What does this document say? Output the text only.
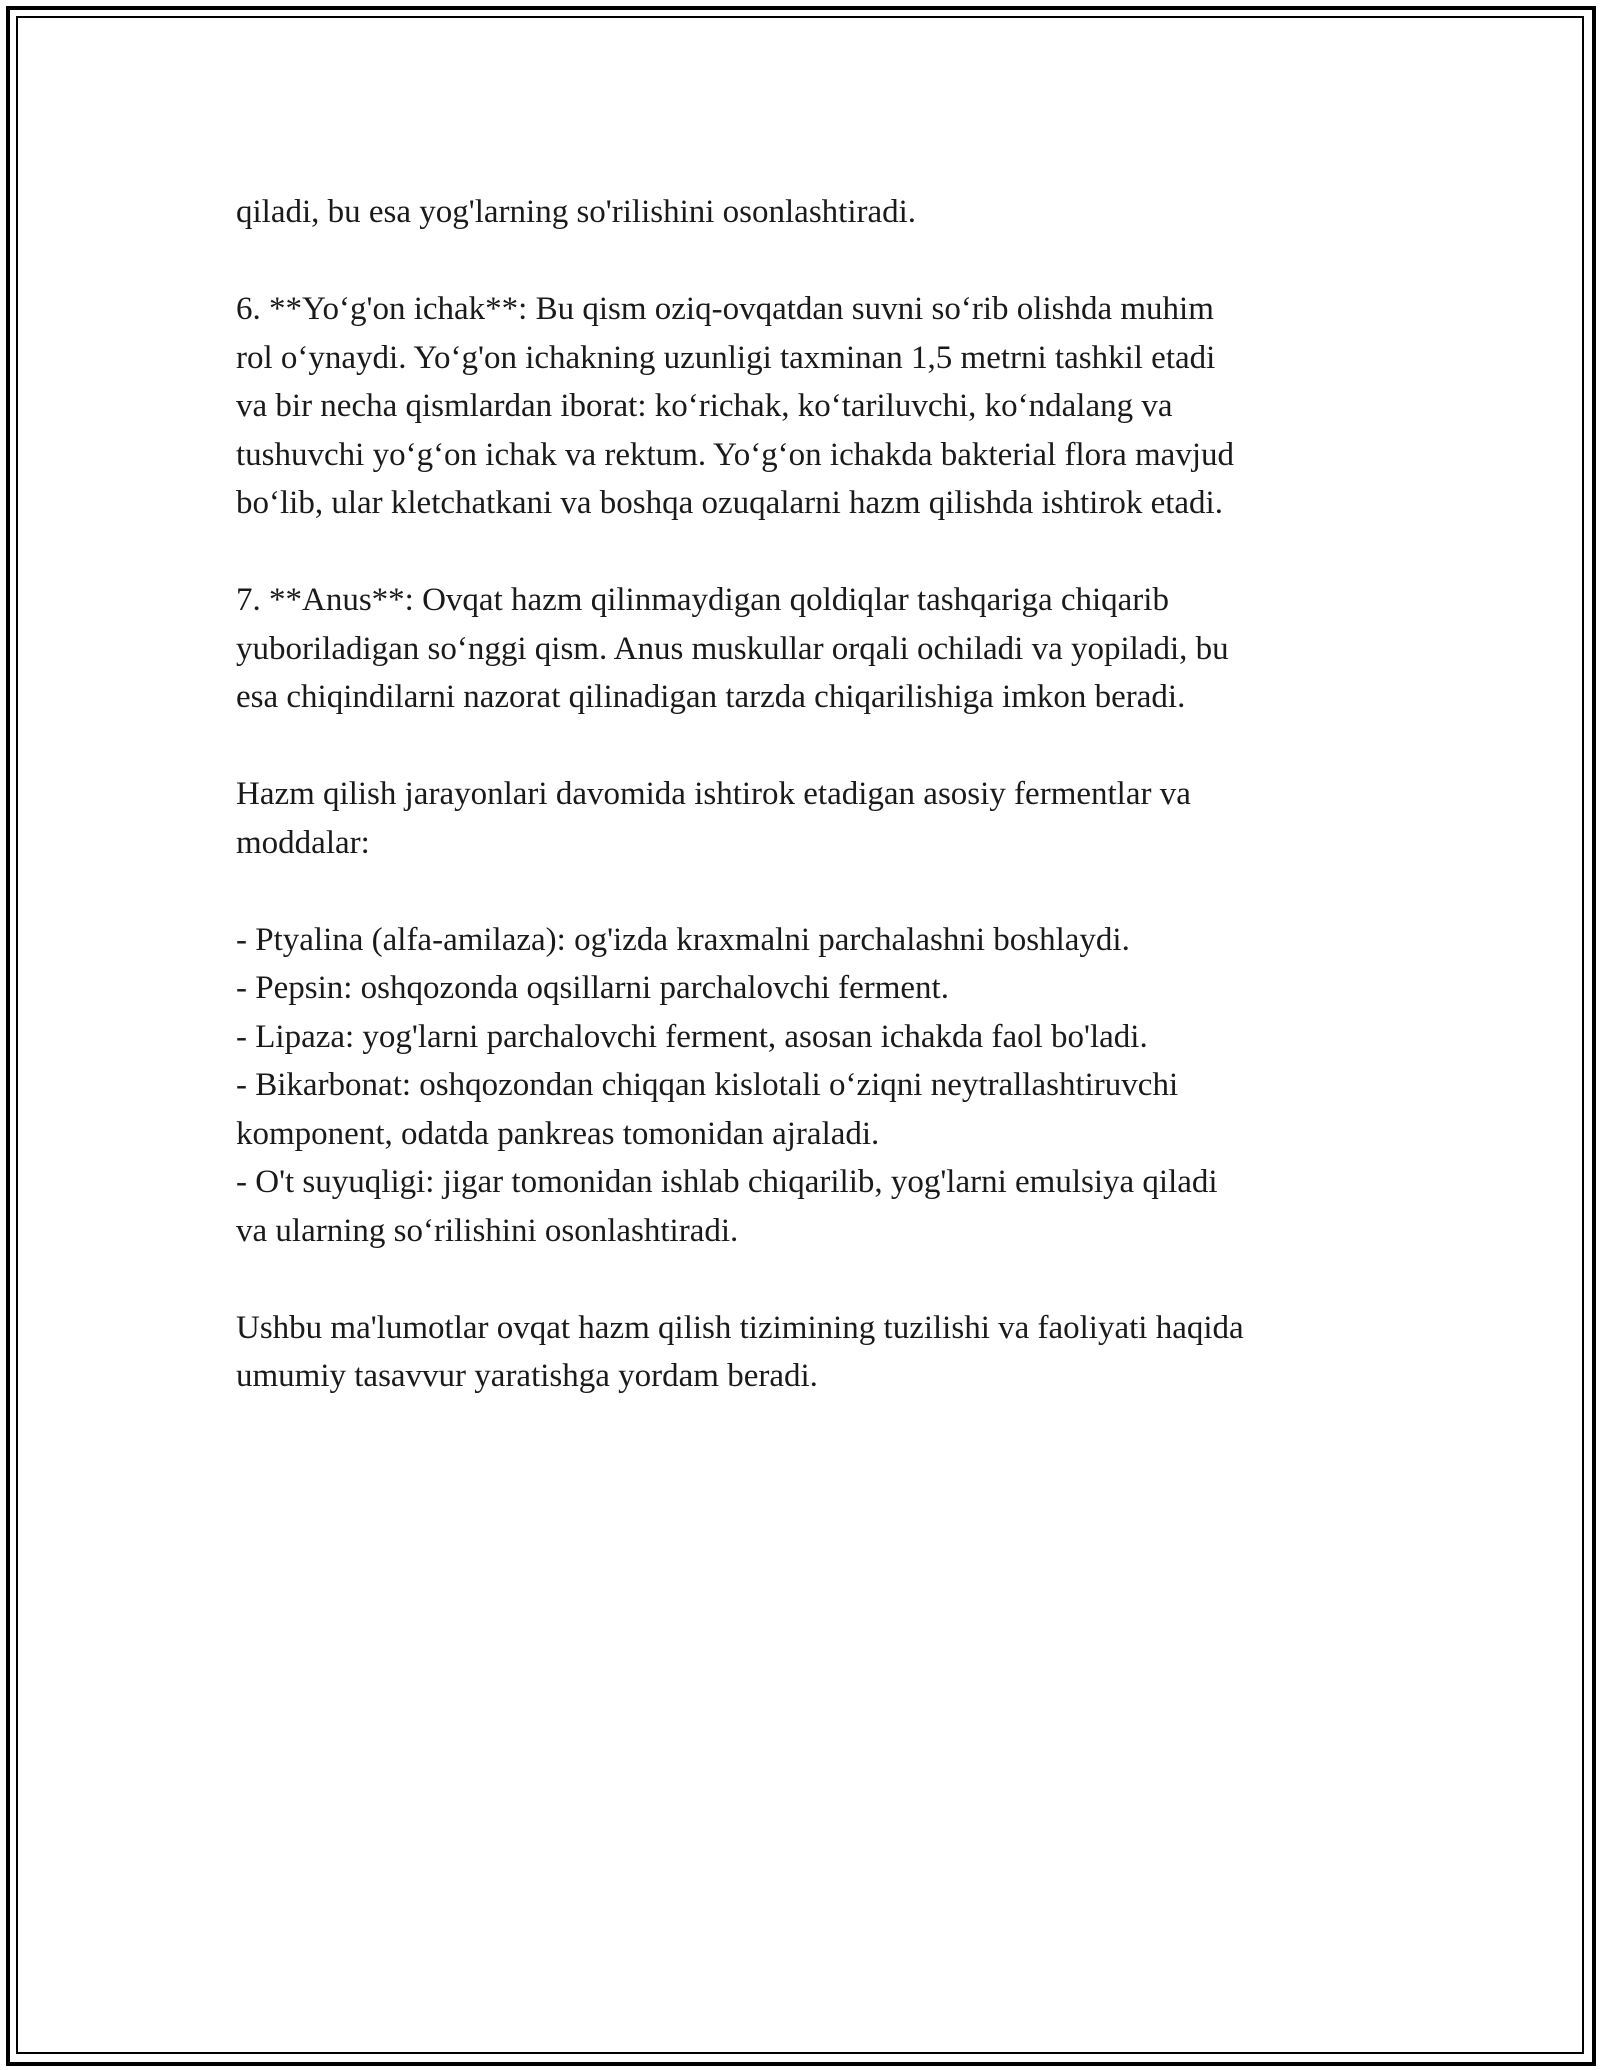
qiladi, bu esa yog'larning so'rilishini osonlashtiradi.

6. **Yo‘g'on ichak**: Bu qism oziq-ovqatdan suvni so‘rib olishda muhim
rol o‘ynaydi. Yo‘g'on ichakning uzunligi taxminan 1,5 metrni tashkil etadi
va bir necha qismlardan iborat: ko‘richak, ko‘tariluvchi, ko‘ndalang va
tushuvchi yo‘g‘on ichak va rektum. Yo‘g‘on ichakda bakterial flora mavjud
bo‘lib, ular kletchatkani va boshqa ozuqalarni hazm qilishda ishtirok etadi.

7. **Anus**: Ovqat hazm qilinmaydigan qoldiqlar tashqariga chiqarib
yuboriladigan so‘nggi qism. Anus muskullar orqali ochiladi va yopiladi, bu
esa chiqindilarni nazorat qilinadigan tarzda chiqarilishiga imkon beradi.

Hazm qilish jarayonlari davomida ishtirok etadigan asosiy fermentlar va
moddalar:

- Ptyalina (alfa-amilaza): og'izda kraxmalni parchalashni boshlaydi.
- Pepsin: oshqozonda oqsillarni parchalovchi ferment.
- Lipaza: yog'larni parchalovchi ferment, asosan ichakda faol bo'ladi.
- Bikarbonat: oshqozondan chiqqan kislotali o‘ziqni neytrallashtiruvchi
komponent, odatda pankreas tomonidan ajraladi.
- O't suyuqligi: jigar tomonidan ishlab chiqarilib, yog'larni emulsiya qiladi
va ularning so‘rilishini osonlashtiradi.

Ushbu ma'lumotlar ovqat hazm qilish tizimining tuzilishi va faoliyati haqida
umumiy tasavvur yaratishga yordam beradi.
